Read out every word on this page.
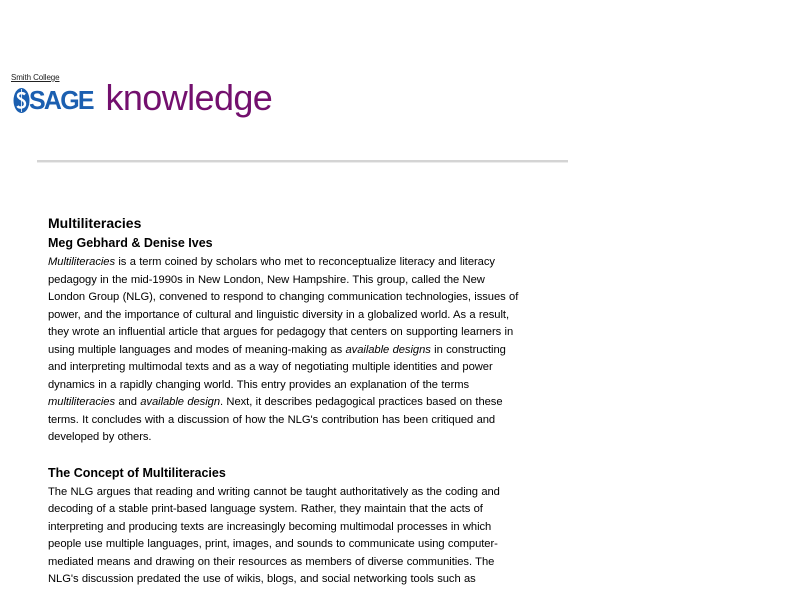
Smith College
SAGE knowledge
Multiliteracies
Meg Gebhard & Denise Ives

Multiliteracies is a term coined by scholars who met to reconceptualize literacy and literacy
pedagogy in the mid-1990s in New London, New Hampshire. This group, called the New
London Group (NLG), convened to respond to changing communication technologies, issues of
power, and the importance of cultural and linguistic diversity in a globalized world. As a result,
they wrote an influential article that argues for pedagogy that centers on supporting learners in
using multiple languages and modes of meaning-making as available designs in constructing
and interpreting multimodal texts and as a way of negotiating multiple identities and power
dynamics in a rapidly changing world. This entry provides an explanation of the terms
multiliteracies and available design. Next, it describes pedagogical practices based on these
terms. It concludes with a discussion of how the NLG's contribution has been critiqued and
developed by others.

The Concept of Multiliteracies

The NLG argues that reading and writing cannot be taught authoritatively as the coding and
decoding of a stable print-based language system. Rather, they maintain that the acts of
interpreting and producing texts are increasingly becoming multimodal processes in which
people use multiple languages, print, images, and sounds to communicate using computer-
mediated means and drawing on their resources as members of diverse communities. The
NLG's discussion predated the use of wikis, blogs, and social networking tools such as
